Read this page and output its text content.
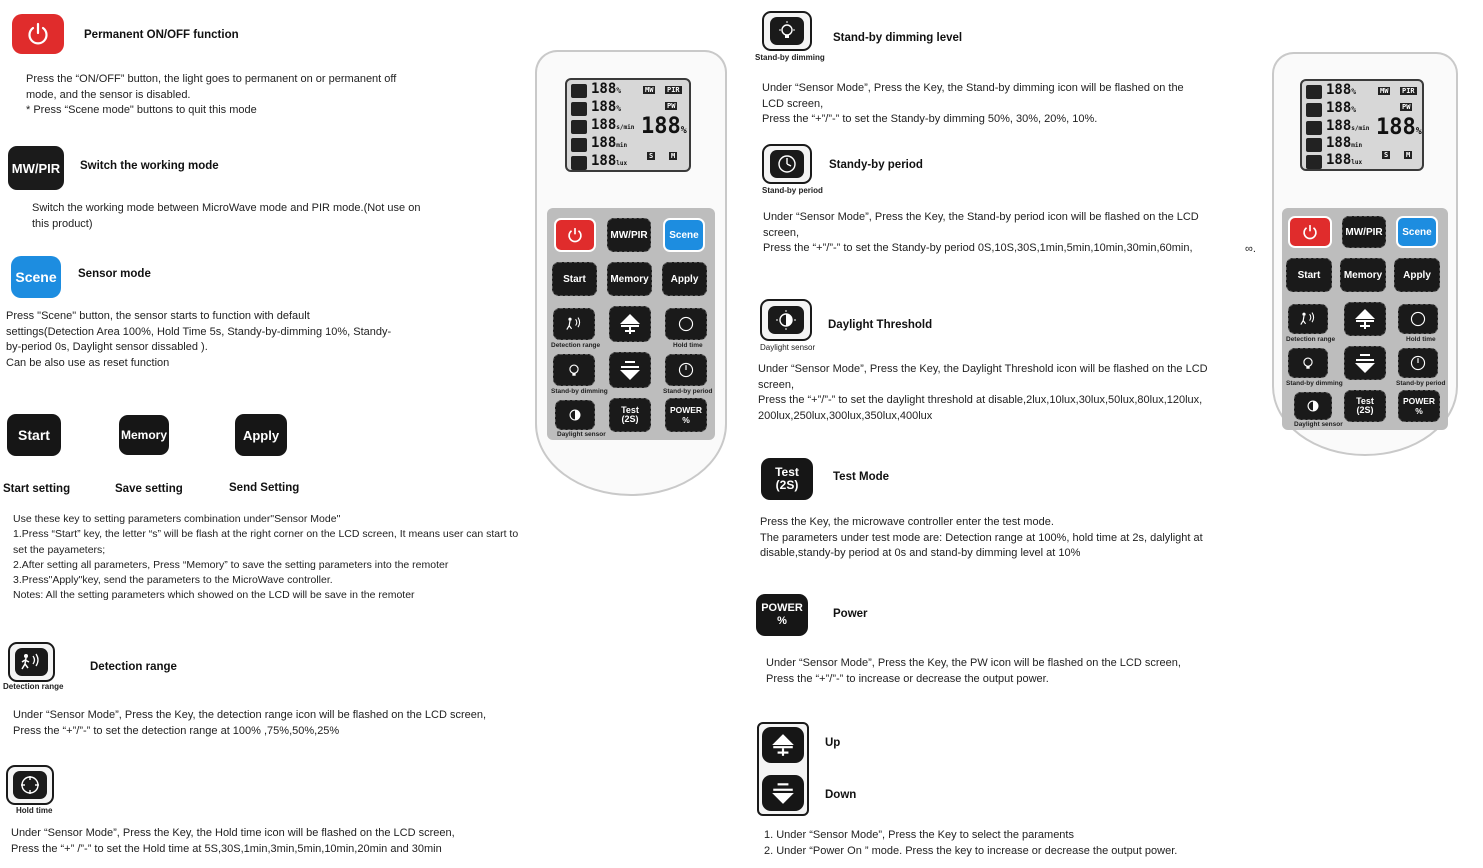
Permanent ON/OFF function
Press the “ON/OFF” button, the light goes to permanent on or permanent off
mode, and the sensor is disabled.
* Press “Scene mode" buttons to quit this mode
MW/PIR Switch the working mode
Switch the working mode between MicroWave mode and PIR mode.(Not use on
this product)
Scene Sensor mode
Press "Scene" button, the sensor starts to function with default
settings(Detection Area 100%, Hold Time 5s, Standy-by-dimming 10%, Standy-
by-period 0s, Daylight sensor dissabled ).
Can be also use as reset function
Start	Memory	Apply
Start setting	Save setting	Send Setting
Use these key to setting parameters combination under"Sensor Mode"
1.Press “Start” key, the letter “s” will be flash at the right corner on the LCD screen, It means user can start to
set the payameters;
2.After setting all parameters, Press “Memory” to save the setting parameters into the remoter
3.Press"Apply"key, send the parameters to the MicroWave controller.
Notes: All the setting parameters which showed on the LCD will be save in the remoter
Detection range
Detection range
Under “Sensor Mode”, Press the Key, the detection range icon will be flashed on the LCD screen,
Press the “+”/”-” to set the detection range at 100% ,75%,50%,25%
Hold time
Under “Sensor Mode”, Press the Key, the Hold time icon will be flashed on the LCD screen,
Press the “+” /”-” to set the Hold time at 5S,30S,1min,3min,5min,10min,20min and 30min
188%
188%
188s/min
188min
188lux
MW PIR
PW
188%
S	M
MW/PIR	Scene
Start	Memory	Apply
Detection range	Hold time
Stand-by dimming	Stand-by period
Daylight sensor
Test
(2S)
POWER
%
Stand-by dimming
Stand-by dimming level
Under “Sensor Mode”, Press the Key, the Stand-by dimming icon will be flashed on the
LCD screen,
Press the “+”/”-” to set the Standy-by dimming 50%, 30%, 20%, 10%.
Stand-by period
Standy-by period
Under “Sensor Mode”, Press the Key, the Stand-by period icon will be flashed on the LCD
screen,
Press the “+”/”-” to set the Standy-by period 0S,10S,30S,1min,5min,10min,30min,60min,	∞.
Daylight sensor
Daylight Threshold
Under “Sensor Mode”, Press the Key, the Daylight Threshold icon will be flashed on the LCD
screen,
Press the “+”/”-” to set the daylight threshold at disable,2lux,10lux,30lux,50lux,80lux,120lux,
200lux,250lux,300lux,350lux,400lux
Test
(2S)
Test Mode
Press the Key, the microwave controller enter the test mode.
The parameters under test mode are: Detection range at 100%, hold time at 2s, dalylight at
disable,standy-by period at 0s and stand-by dimming level at 10%
POWER
%
Power
Under “Sensor Mode”, Press the Key, the PW icon will be flashed on the LCD screen,
Press the “+”/”-” to increase or decrease the output power.
Up
Down
1. Under “Sensor Mode”, Press the Key to select the paraments
2. Under “Power On ” mode. Press the key to increase or decrease the output power.
188%
188%
188s/min
188min
188lux
MW PIR
PW
188%
S	M
MW/PIR	Scene
Start	Memory	Apply
Detection range	Hold time
Stand-by dimming	Stand-by period
Daylight sensor
Test
(2S)
POWER
%
